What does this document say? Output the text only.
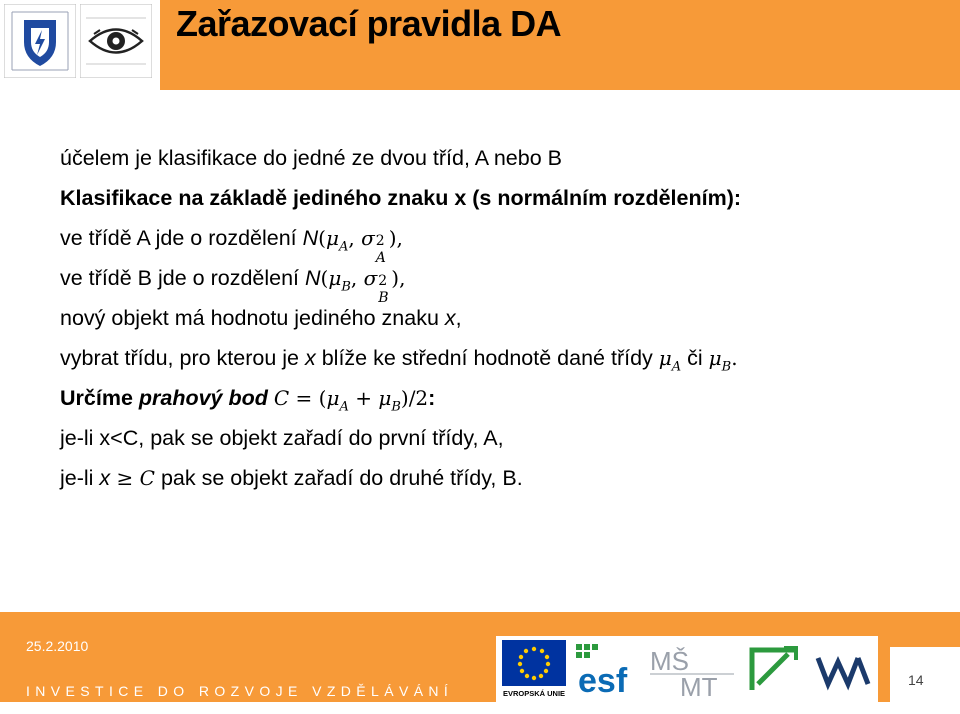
Zařazovací pravidla DA
účelem je klasifikace do jedné ze dvou tříd, A nebo B
Klasifikace na základě jediného znaku x (s normálním rozdělením):
ve třídě A jde o rozdělení $N(\mu_A$, σ 2
A
),
ve třídě B jde o rozdělení $N(\mu_B$, σ 2
B
),
nový objekt má hodnotu jediného znaku x,
vybrat třídu, pro kterou je x blíže ke střední hodnotě dané třídy $\mu_A$ či $\mu_B$.
Určíme prahový bod $C = (\mu_A + \mu_B)/2$:
je-li x<C, pak se objekt zařadí do první třídy, A,
je-li x ≥ C pak se objekt zařadí do druhé třídy, B.
25.2.2010
INVESTICE DO ROZVOJE VZDĚLÁVÁNÍ	EVROPSKÁ UNIE esf
MŠ
MT	14
